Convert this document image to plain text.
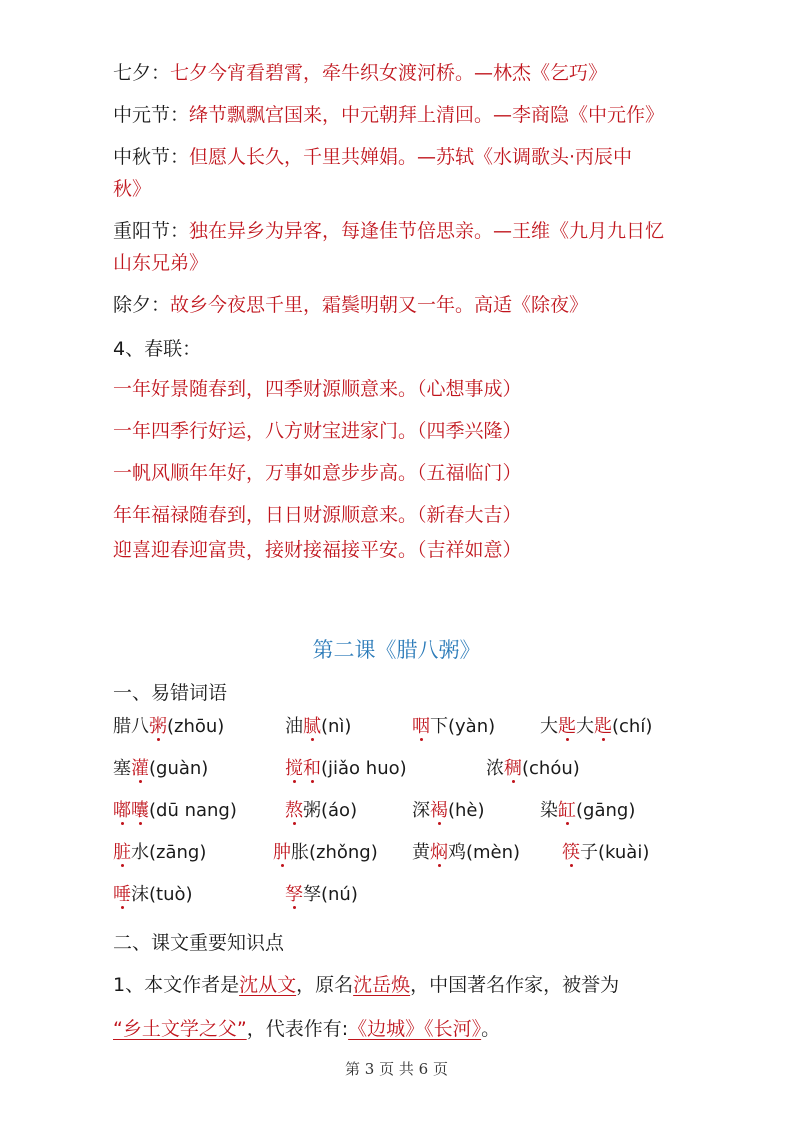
七夕：七夕今宵看碧霄，牵牛织女渡河桥。—林杰《乞巧》
中元节：绛节飘飘宫国来，中元朝拜上清回。—李商隐《中元作》
中秋节：但愿人长久，千里共婵娟。—苏轼《水调歌头·丙辰中
秋》
重阳节：独在异乡为异客，每逢佳节倍思亲。—王维《九月九日忆
山东兄弟》
除夕：故乡今夜思千里，霜鬓明朝又一年。高适《除夜》
4、春联：
一年好景随春到，四季财源顺意来。（心想事成）
一年四季行好运，八方财宝进家门。（四季兴隆）
一帆风顺年年好，万事如意步步高。（五福临门）
年年福禄随春到，日日财源顺意来。（新春大吉）
迎喜迎春迎富贵，接财接福接平安。（吉祥如意）
第二课《腊八粥》
一、易错词语
腊八粥(zhōu)	油腻(nì)	咽下(yàn) 大匙大匙(chí)
塞灌(guàn)	搅和(jiǎo huo)	浓稠(chóu)
嘟囔(dū nang)	熬粥(áo)	深褐(hè)	染缸(gāng)
脏水(zāng)	肿胀(zhǒng) 黄焖鸡(mèn) 筷子(kuài)
唾沫(tuò)	孥孥(nú)
二、课文重要知识点
1、本文作者是沈从文，原名沈岳焕，中国著名作家，被誉为
“乡土文学之父”，代表作有:《边城》《长河》。
第 3 页 共 6 页
